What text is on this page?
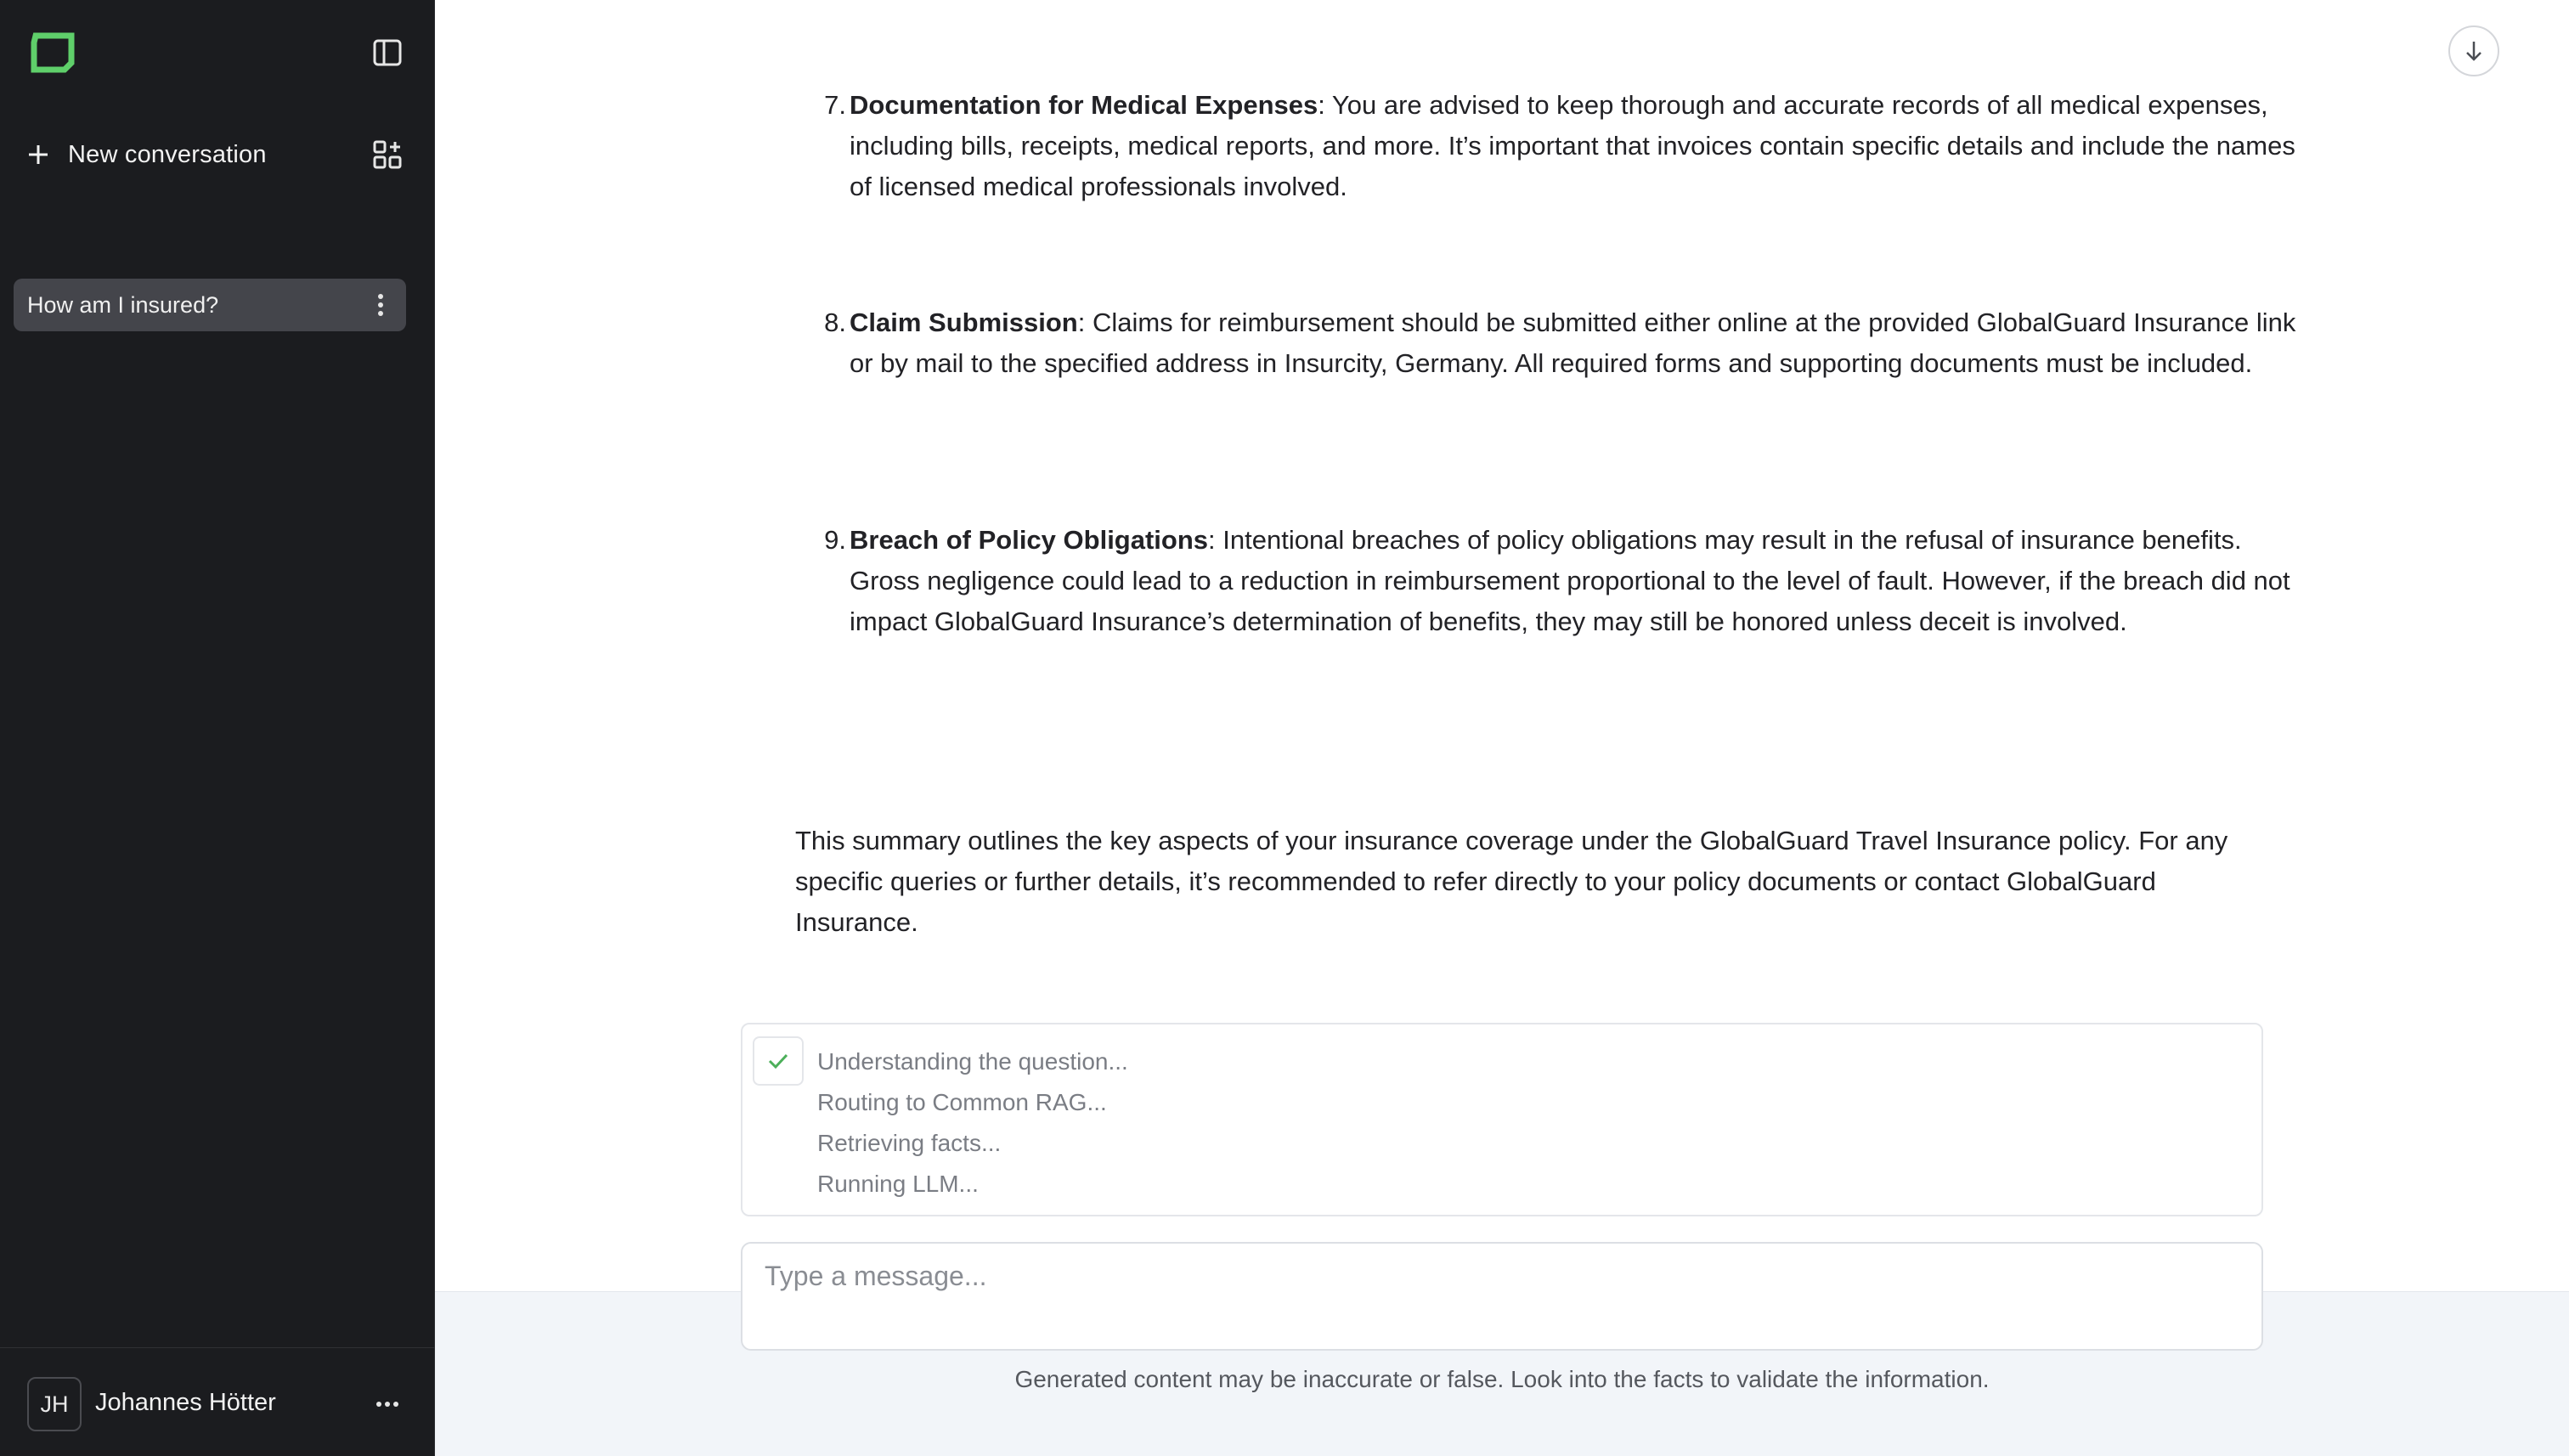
New conversation
How am I insured?
JH	Johannes Hötter
7. Documentation for Medical Expenses: You are advised to keep thorough and accurate records of all medical expenses, including bills, receipts, medical reports, and more. It’s important that invoices contain specific details and include the names of licensed medical professionals involved.
8. Claim Submission: Claims for reimbursement should be submitted either online at the provided GlobalGuard Insurance link or by mail to the specified address in Insurcity, Germany. All required forms and supporting documents must be included.
9. Breach of Policy Obligations: Intentional breaches of policy obligations may result in the refusal of insurance benefits. Gross negligence could lead to a reduction in reimbursement proportional to the level of fault. However, if the breach did not impact GlobalGuard Insurance’s determination of benefits, they may still be honored unless deceit is involved.

This summary outlines the key aspects of your insurance coverage under the GlobalGuard Travel Insurance policy. For any specific queries or further details, it’s recommended to refer directly to your policy documents or contact GlobalGuard Insurance.

Understanding the question...
Routing to Common RAG...
Retrieving facts...
Running LLM...
Type a message...
Generated content may be inaccurate or false. Look into the facts to validate the information.
